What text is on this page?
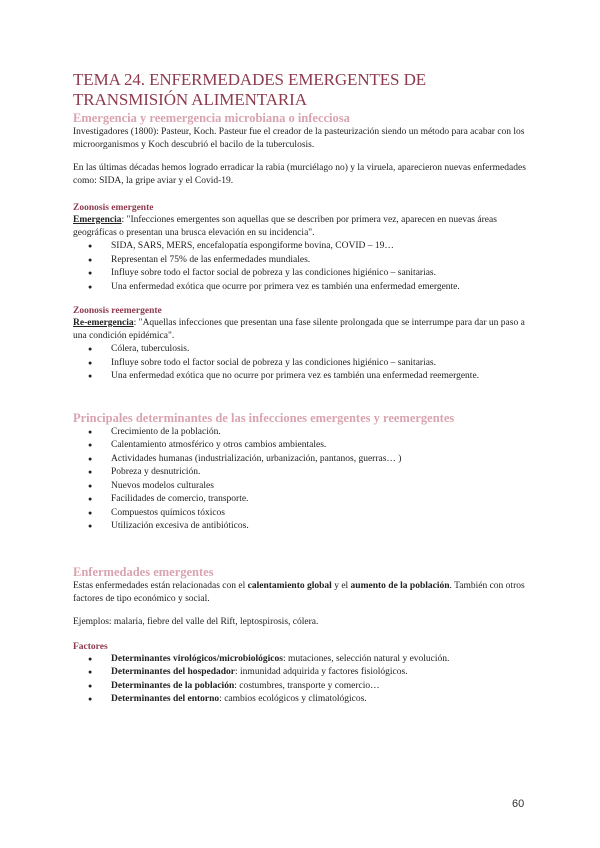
TEMA 24. ENFERMEDADES EMERGENTES DE TRANSMISIÓN ALIMENTARIA
Emergencia y reemergencia microbiana o infecciosa

Investigadores (1800): Pasteur, Koch. Pasteur fue el creador de la pasteurización siendo un método para acabar con los microorganismos y Koch descubrió el bacilo de la tuberculosis.

En las últimas décadas hemos logrado erradicar la rabia (murciélago no) y la viruela, aparecieron nuevas enfermedades como: SIDA, la gripe aviar y el Covid-19.

Zoonosis emergente

Emergencia: "Infecciones emergentes son aquellas que se describen por primera vez, aparecen en nuevas áreas geográficas o presentan una brusca elevación en su incidencia".

● SIDA, SARS, MERS, encefalopatía espongiforme bovina, COVID – 19…
● Representan el 75% de las enfermedades mundiales.
● Influye sobre todo el factor social de pobreza y las condiciones higiénico – sanitarias.
● Una enfermedad exótica que ocurre por primera vez es también una enfermedad emergente.
Zoonosis reemergente

Re-emergencia: "Aquellas infecciones que presentan una fase silente prolongada que se interrumpe para dar un paso a una condición epidémica".

● Cólera, tuberculosis.
● Influye sobre todo el factor social de pobreza y las condiciones higiénico – sanitarias.
● Una enfermedad exótica que no ocurre por primera vez es también una enfermedad reemergente.
Principales determinantes de las infecciones emergentes y reemergentes
● Crecimiento de la población.
● Calentamiento atmosférico y otros cambios ambientales.
● Actividades humanas (industrialización, urbanización, pantanos, guerras… )
● Pobreza y desnutrición.
● Nuevos modelos culturales
● Facilidades de comercio, transporte.
● Compuestos químicos tóxicos
● Utilización excesiva de antibióticos.
Enfermedades emergentes

Estas enfermedades están relacionadas con el calentamiento global y el aumento de la población. También con otros factores de tipo económico y social.

Ejemplos: malaria, fiebre del valle del Rift, leptospirosis, cólera.

Factores
● Determinantes virológicos/microbiológicos: mutaciones, selección natural y evolución.
● Determinantes del hospedador: inmunidad adquirida y factores fisiológicos.
● Determinantes de la población: costumbres, transporte y comercio…
● Determinantes del entorno: cambios ecológicos y climatológicos.
60
